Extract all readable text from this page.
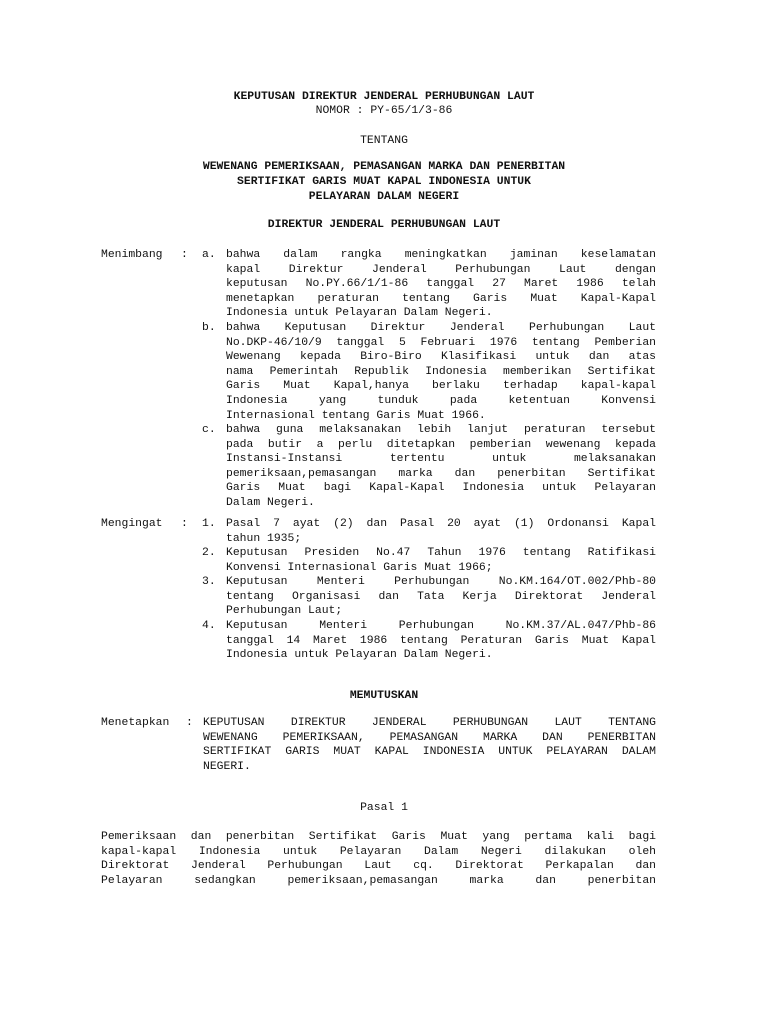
KEPUTUSAN DIREKTUR JENDERAL PERHUBUNGAN LAUT
NOMOR : PY-65/1/3-86
TENTANG
WEWENANG PEMERIKSAAN, PEMASANGAN MARKA DAN PENERBITAN
SERTIFIKAT GARIS MUAT KAPAL INDONESIA UNTUK
PELAYARAN DALAM NEGERI
DIREKTUR JENDERAL PERHUBUNGAN LAUT
Menimbang : a. bahwa dalam rangka meningkatkan jaminan keselamatan
kapal Direktur Jenderal Perhubungan Laut dengan
keputusan No.PY.66/1/1-86 tanggal 27 Maret 1986 telah
menetapkan peraturan tentang Garis Muat Kapal-Kapal
Indonesia untuk Pelayaran Dalam Negeri.
b. bahwa Keputusan Direktur Jenderal Perhubungan Laut
No.DKP-46/10/9 tanggal 5 Februari 1976 tentang Pemberian
Wewenang kepada Biro-Biro Klasifikasi untuk dan atas
nama Pemerintah Republik Indonesia memberikan Sertifikat
Garis Muat Kapal,hanya berlaku terhadap kapal-kapal
Indonesia yang tunduk pada ketentuan Konvensi
Internasional tentang Garis Muat 1966.
c. bahwa guna melaksanakan lebih lanjut peraturan tersebut
pada butir a perlu ditetapkan pemberian wewenang kepada
Instansi-Instansi tertentu untuk melaksanakan
pemeriksaan,pemasangan marka dan penerbitan Sertifikat
Garis Muat bagi Kapal-Kapal Indonesia untuk Pelayaran
Dalam Negeri.
Mengingat : 1. Pasal 7 ayat (2) dan Pasal 20 ayat (1) Ordonansi Kapal
tahun 1935;
2. Keputusan Presiden No.47 Tahun 1976 tentang Ratifikasi
Konvensi Internasional Garis Muat 1966;
3. Keputusan Menteri Perhubungan No.KM.164/OT.002/Phb-80
tentang Organisasi dan Tata Kerja Direktorat Jenderal
Perhubungan Laut;
4. Keputusan Menteri Perhubungan No.KM.37/AL.047/Phb-86
tanggal 14 Maret 1986 tentang Peraturan Garis Muat Kapal
Indonesia untuk Pelayaran Dalam Negeri.
MEMUTUSKAN
Menetapkan : KEPUTUSAN DIREKTUR JENDERAL PERHUBUNGAN LAUT TENTANG
WEWENANG PEMERIKSAAN, PEMASANGAN MARKA DAN PENERBITAN
SERTIFIKAT GARIS MUAT KAPAL INDONESIA UNTUK PELAYARAN DALAM
NEGERI.
Pasal 1
Pemeriksaan dan penerbitan Sertifikat Garis Muat yang pertama kali bagi
kapal-kapal Indonesia untuk Pelayaran Dalam Negeri dilakukan oleh
Direktorat Jenderal Perhubungan Laut cq. Direktorat Perkapalan dan
Pelayaran sedangkan pemeriksaan,pemasangan marka dan penerbitan
